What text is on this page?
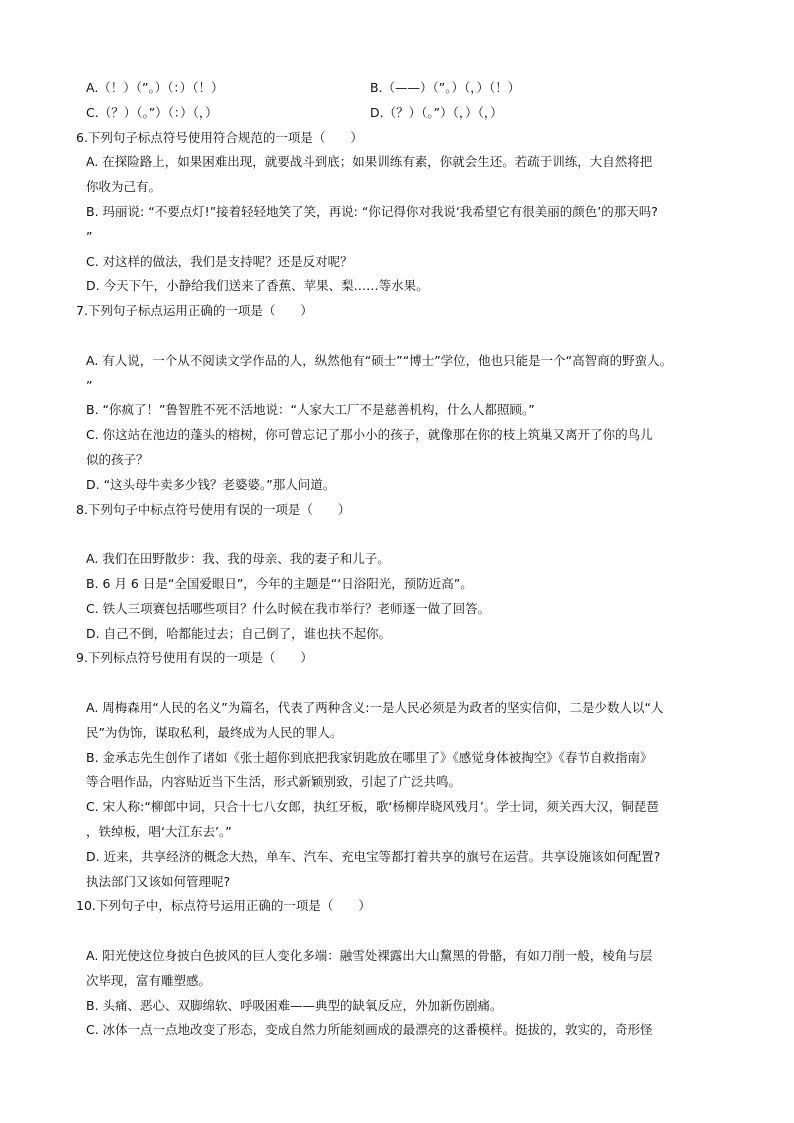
A.（！）（”。）（：）（！）	B.（——）（”。）（，）（！）
C.（？）（。”）（：）（，）	D.（？）（。”）（，）（，）
6.下列句子标点符号使用符合规范的一项是（　　）
A. 在探险路上，如果困难出现，就要战斗到底；如果训练有素，你就会生还。若疏于训练，大自然将把
你收为己有。
B. 玛丽说: “不要点灯!”接着轻轻地笑了笑，再说: “你记得你对我说‘我希望它有很美丽的颜色’的那天吗?
”
C. 对这样的做法，我们是支持呢？还是反对呢？
D. 今天下午，小静给我们送来了香蕉、苹果、梨……等水果。
7.下列句子标点运用正确的一项是（　　）
A. 有人说，一个从不阅读文学作品的人，纵然他有“硕士”“博士”学位，他也只能是一个“高智商的野蛮人。
”
B. “你疯了！”鲁智胜不死不活地说：“人家大工厂不是慈善机构，什么人都照顾。”
C. 你这站在池边的蓬头的榕树，你可曾忘记了那小小的孩子，就像那在你的枝上筑巢又离开了你的鸟儿
似的孩子？
D. “这头母牛卖多少钱？老婆婆。”那人问道。
8.下列句子中标点符号使用有误的一项是（　　）
A. 我们在田野散步：我、我的母亲、我的妻子和儿子。
B. 6 月 6 日是“全国爱眼日”，今年的主题是“‘日浴阳光，预防近高”。
C. 铁人三项赛包括哪些项目？什么时候在我市举行？老师逐一做了回答。
D. 自己不倒，哈都能过去；自己倒了，谁也扶不起你。
9.下列标点符号使用有误的一项是（　　）
A. 周梅森用“人民的名义”为篇名，代表了两种含义:一是人民必须是为政者的坚实信仰，二是少数人以“人
民”为伪饰，谋取私利，最终成为人民的罪人。
B. 金承志先生创作了诸如《张士超你到底把我家钥匙放在哪里了》《感觉身体被掏空》《春节自救指南》
等合唱作品，内容贴近当下生活，形式新颖别致，引起了广泛共鸣。
C. 宋人称:“柳郎中词，只合十七八女郎，执红牙板，歌‘杨柳岸晓风残月’。学士词，须关西大汉，铜琵琶
，铁绰板，唱‘大江东去’。”
D. 近来，共享经济的概念大热，单车、汽车、充电宝等都打着共享的旗号在运营。共享设施该如何配置?
执法部门又该如何管理呢?
10.下列句子中，标点符号运用正确的一项是（　　）
A. 阳光使这位身披白色披风的巨人变化多端：融雪处裸露出大山黧黑的骨骼，有如刀削一般，棱角与层
次毕现，富有雕塑感。
B. 头痛、恶心、双脚绵软、呼吸困难——典型的缺氧反应，外加新伤剧痛。
C. 冰体一点一点地改变了形态，变成自然力所能刻画成的最漂亮的这番模样。挺拔的，敦实的，奇形怪
